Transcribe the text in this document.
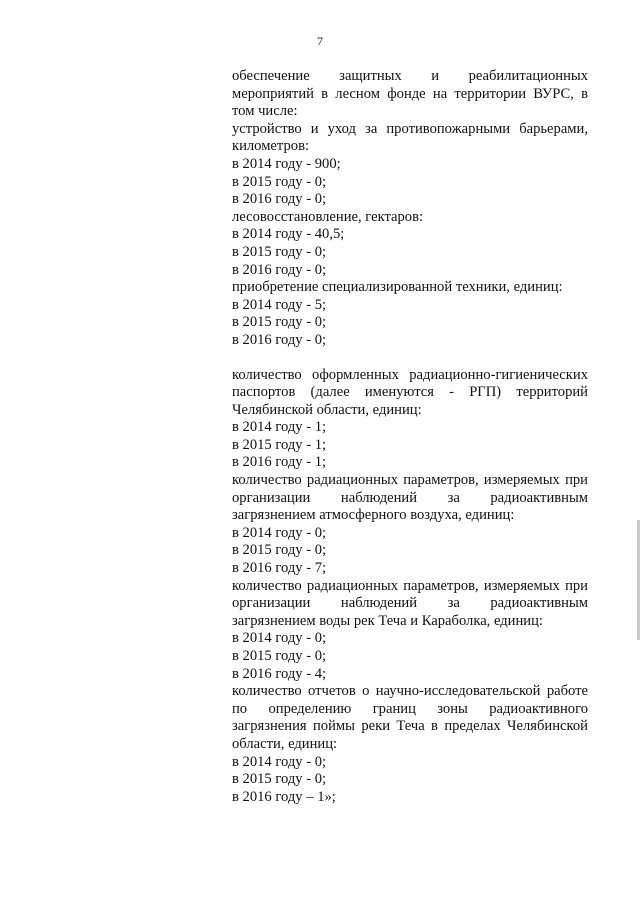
7

обеспечение защитных и реабилитационных

мероприятий в лесном фонде на территории ВУРС, в том числе:

устройство и уход за противопожарными барьерами, километров:

в 2014 году - 900;

в 2015 году - 0;

в 2016 году - 0;

лесовосстановление, гектаров:

в 2014 году - 40,5;

в 2015 году - 0;

в 2016 году - 0;

приобретение специализированной техники, единиц:

в 2014 году - 5;

в 2015 году - 0;

в 2016 году - 0;

количество оформленных радиационно-гигиенических паспортов (далее именуются - РГП) территорий Челябинской области, единиц:

в 2014 году - 1;

в 2015 году - 1;

в 2016 году - 1;

количество радиационных параметров, измеряемых при организации наблюдений за радиоактивным загрязнением атмосферного воздуха, единиц:

в 2014 году - 0;

в 2015 году - 0;

в 2016 году - 7;

количество радиационных параметров, измеряемых при организации наблюдений за радиоактивным загрязнением воды рек Теча и Караболка, единиц:

в 2014 году - 0;

в 2015 году - 0;

в 2016 году - 4;

количество отчетов о научно-исследовательской работе по определению границ зоны радиоактивного загрязнения поймы реки Теча в пределах Челябинской области, единиц:

в 2014 году - 0;

в 2015 году - 0;

в 2016 году – 1»;
